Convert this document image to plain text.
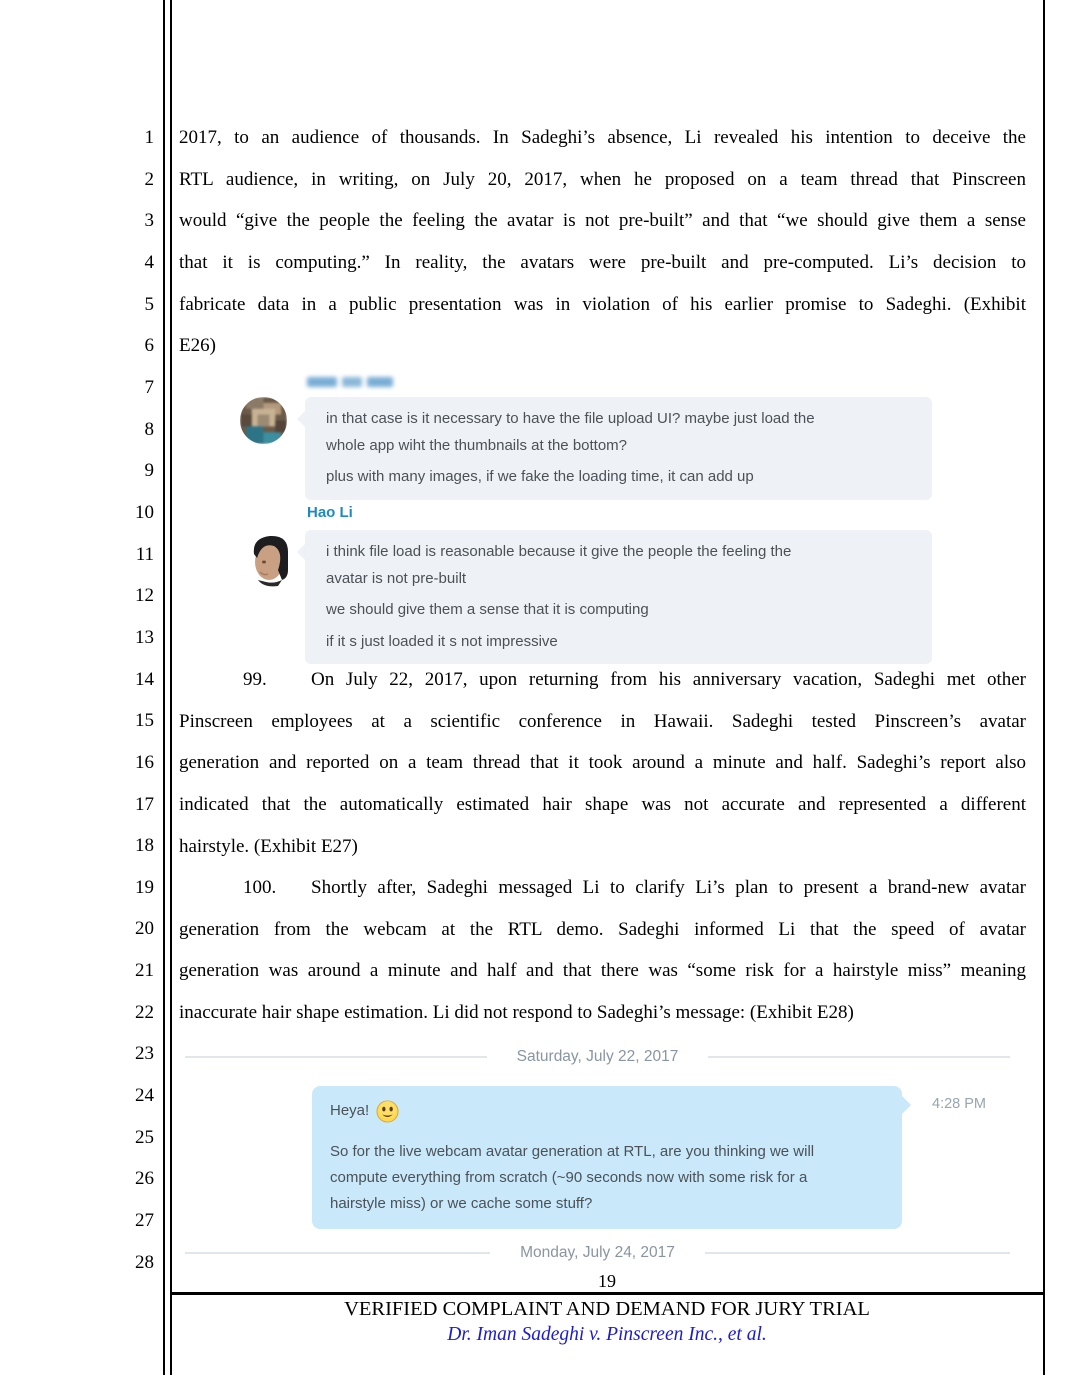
1
2
3
4
5
6
7
8
9
10
11
12
13
14
15
16
17
18
19
20
21
22
23
24
25
26
27
28
2017, to an audience of thousands. In Sadeghi’s absence, Li revealed his intention to deceive the
RTL audience, in writing, on July 20, 2017, when he proposed on a team thread that Pinscreen
would “give the people the feeling the avatar is not pre-built” and that “we should give them a sense
that it is computing.” In reality, the avatars were pre-built and pre-computed. Li’s decision to
fabricate data in a public presentation was in violation of his earlier promise to Sadeghi. (Exhibit
E26)
in that case is it necessary to have the file upload UI? maybe just load the
whole app wiht the thumbnails at the bottom?
plus with many images, if we fake the loading time, it can add up
Hao Li
i think file load is reasonable because it give the people the feeling the
avatar is not pre-built
we should give them a sense that it is computing
if it s just loaded it s not impressive
99. On July 22, 2017, upon returning from his anniversary vacation, Sadeghi met other
Pinscreen employees at a scientific conference in Hawaii. Sadeghi tested Pinscreen’s avatar
generation and reported on a team thread that it took around a minute and half. Sadeghi’s report also
indicated that the automatically estimated hair shape was not accurate and represented a different
hairstyle. (Exhibit E27)
100. Shortly after, Sadeghi messaged Li to clarify Li’s plan to present a brand-new avatar
generation from the webcam at the RTL demo. Sadeghi informed Li that the speed of avatar
generation was around a minute and half and that there was “some risk for a hairstyle miss” meaning
inaccurate hair shape estimation. Li did not respond to Sadeghi’s message: (Exhibit E28)
Saturday, July 22, 2017
Heya!
So for the live webcam avatar generation at RTL, are you thinking we will
compute everything from scratch (~90 seconds now with some risk for a
hairstyle miss) or we cache some stuff?
4:28 PM
Monday, July 24, 2017
19
VERIFIED COMPLAINT AND DEMAND FOR JURY TRIAL
Dr. Iman Sadeghi v. Pinscreen Inc., et al.
